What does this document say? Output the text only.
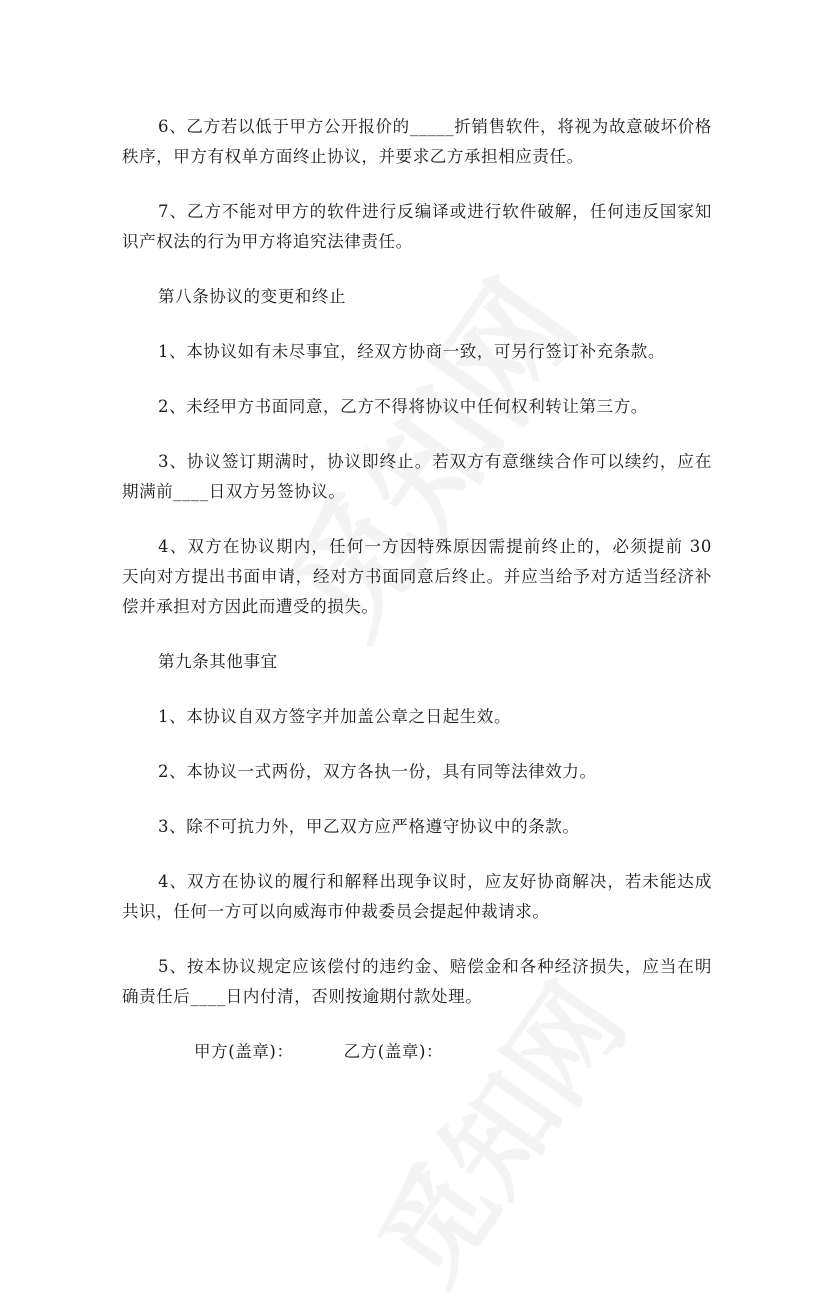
6、乙方若以低于甲方公开报价的_____折销售软件，将视为故意破坏价格秩序，甲方有权单方面终止协议，并要求乙方承担相应责任。

7、乙方不能对甲方的软件进行反编译或进行软件破解，任何违反国家知识产权法的行为甲方将追究法律责任。

第八条协议的变更和终止

1、本协议如有未尽事宜，经双方协商一致，可另行签订补充条款。

2、未经甲方书面同意，乙方不得将协议中任何权利转让第三方。

3、协议签订期满时，协议即终止。若双方有意继续合作可以续约，应在期满前____日双方另签协议。

4、双方在协议期内，任何一方因特殊原因需提前终止的，必须提前 30 天向对方提出书面申请，经对方书面同意后终止。并应当给予对方适当经济补偿并承担对方因此而遭受的损失。

第九条其他事宜

1、本协议自双方签字并加盖公章之日起生效。

2、本协议一式两份，双方各执一份，具有同等法律效力。

3、除不可抗力外，甲乙双方应严格遵守协议中的条款。

4、双方在协议的履行和解释出现争议时，应友好协商解决，若未能达成共识，任何一方可以向威海市仲裁委员会提起仲裁请求。

5、按本协议规定应该偿付的违约金、赔偿金和各种经济损失，应当在明确责任后____日内付清，否则按逾期付款处理。

甲方(盖章)：	乙方(盖章)：
